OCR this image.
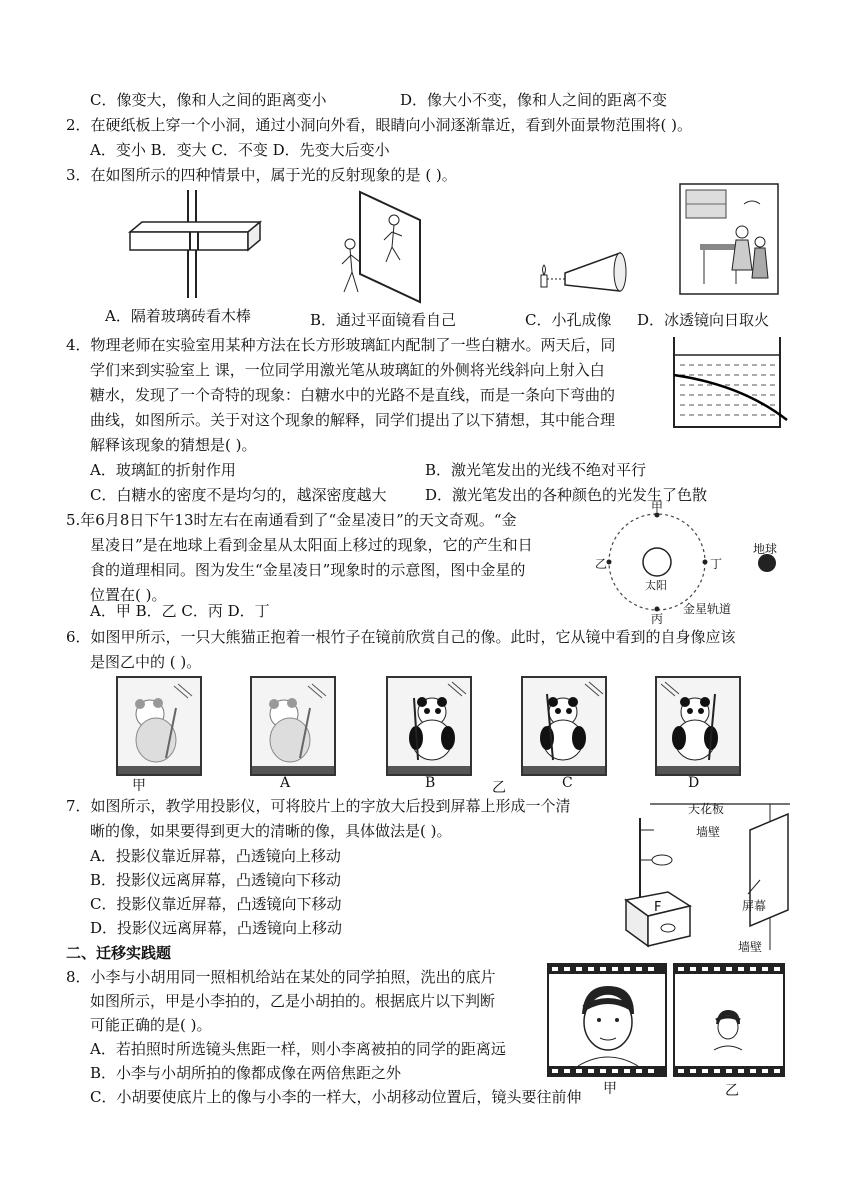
C．像变大，像和人之间的距离变小	D．像大小不变，像和人之间的距离不变
2．在硬纸板上穿一个小洞，通过小洞向外看，眼睛向小洞逐渐靠近，看到外面景物范围将( )。
A．变小 B．变大 C．不变 D．先变大后变小
3．在如图所示的四种情景中，属于光的反射现象的是 ( )。
A．隔着玻璃砖看木棒	B．通过平面镜看自己	C．小孔成像 D．冰透镜向日取火
4．物理老师在实验室用某种方法在长方形玻璃缸内配制了一些白糖水。两天后，同
学们来到实验室上 课，一位同学用激光笔从玻璃缸的外侧将光线斜向上射入白
糖水，发现了一个奇特的现象：白糖水中的光路不是直线，而是一条向下弯曲的
曲线，如图所示。关于对这个现象的解释，同学们提出了以下猜想，其中能合理
解释该现象的猜想是( )。
A．玻璃缸的折射作用	B．激光笔发出的光线不绝对平行
C．白糖水的密度不是均匀的，越深密度越大	D．激光笔发出的各种颜色的光发生了色散
5.年6月8日下午13时左右在南通看到了“金星凌日”的天文奇观。“金
星凌日”是在地球上看到金星从太阳面上移过的现象，它的产生和日
食的道理相同。图为发生“金星凌日”现象时的示意图，图中金星的
位置在( )。
A．甲 B．乙 C．丙 D．丁
甲
丙
乙	丁
太阳
地球
金星轨道
6．如图甲所示，一只大熊猫正抱着一根竹子在镜前欣赏自己的像。此时，它从镜中看到的自身像应该
是图乙中的 ( )。
甲	A	B	乙	C	D
7．如图所示，教学用投影仪，可将胶片上的字放大后投到屏幕上形成一个清
晰的像，如果要得到更大的清晰的像，具体做法是( )。
A．投影仪靠近屏幕，凸透镜向上移动
B．投影仪远离屏幕，凸透镜向下移动
C．投影仪靠近屏幕，凸透镜向下移动
D．投影仪远离屏幕，凸透镜向上移动
天花板
墙壁
屏幕
墙壁
F
二、迁移实践题
8．小李与小胡用同一照相机给站在某处的同学拍照，洗出的底片
如图所示，甲是小李拍的，乙是小胡拍的。根据底片以下判断
可能正确的是( )。
A．若拍照时所选镜头焦距一样，则小李离被拍的同学的距离远
B．小李与小胡所拍的像都成像在两倍焦距之外
C．小胡要使底片上的像与小李的一样大，小胡移动位置后，镜头要往前伸 甲	乙
